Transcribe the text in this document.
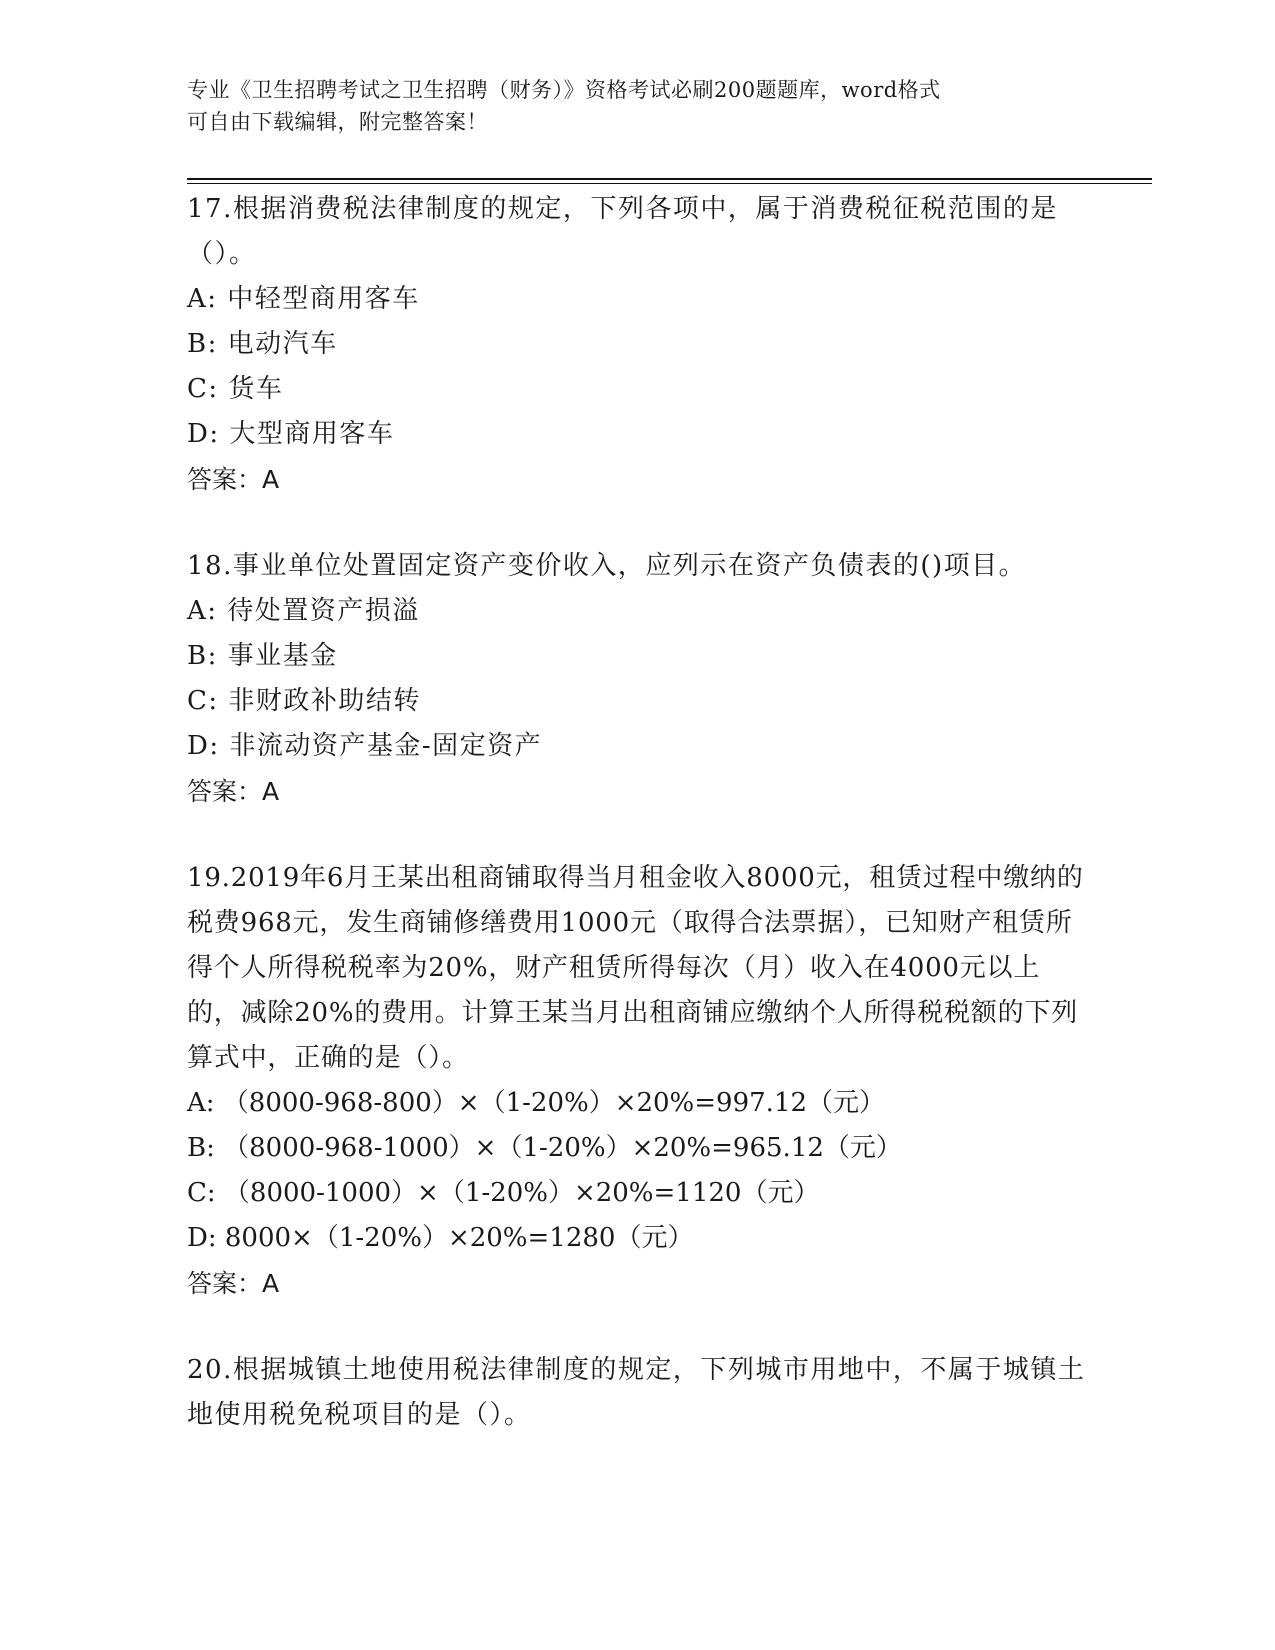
专业《卫生招聘考试之卫生招聘（财务）》资格考试必刷200题题库，word格式
可自由下载编辑，附完整答案！

17.根据消费税法律制度的规定，下列各项中，属于消费税征税范围的是（）。

A: 中轻型商用客车

B: 电动汽车

C: 货车

D: 大型商用客车

答案：A

18.事业单位处置固定资产变价收入，应列示在资产负债表的()项目。

A: 待处置资产损溢

B: 事业基金

C: 非财政补助结转

D: 非流动资产基金-固定资产

答案：A

19.2019年6月王某出租商铺取得当月租金收入8000元，租赁过程中缴纳的税费968元，发生商铺修缮费用1000元（取得合法票据），已知财产租赁所得个人所得税税率为20%，财产租赁所得每次（月）收入在4000元以上的，减除20%的费用。计算王某当月出租商铺应缴纳个人所得税税额的下列算式中，正确的是（）。

A: （8000-968-800）×（1-20%）×20%=997.12（元）

B: （8000-968-1000）×（1-20%）×20%=965.12（元）

C: （8000-1000）×（1-20%）×20%=1120（元）

D: 8000×（1-20%）×20%=1280（元）

答案：A

20.根据城镇土地使用税法律制度的规定，下列城市用地中，不属于城镇土地使用税免税项目的是（）。
